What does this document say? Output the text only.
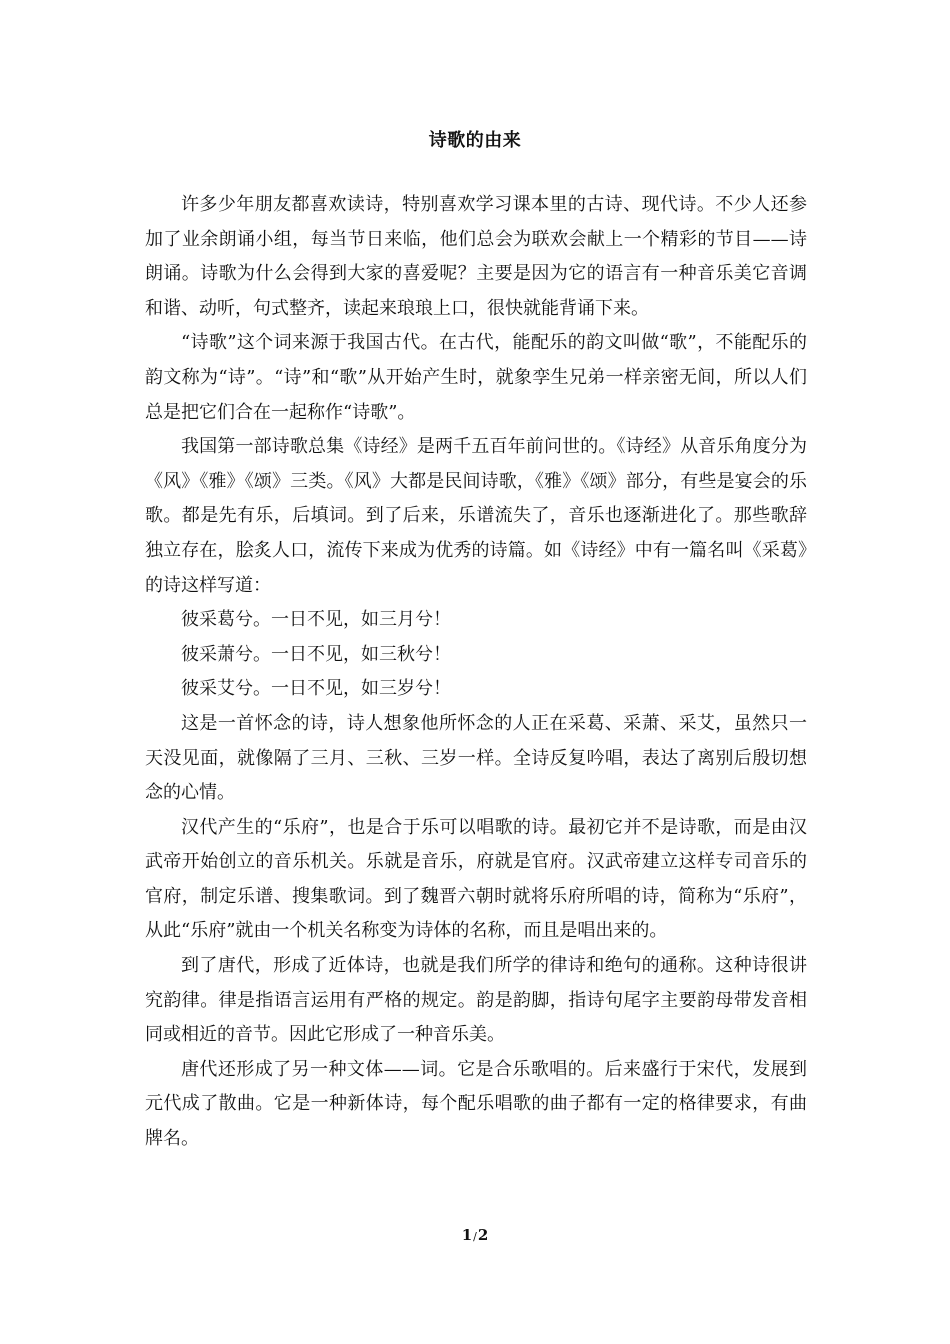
诗歌的由来

许多少年朋友都喜欢读诗，特别喜欢学习课本里的古诗、现代诗。不少人还参加了业余朗诵小组，每当节日来临，他们总会为联欢会献上一个精彩的节目——诗朗诵。诗歌为什么会得到大家的喜爱呢？主要是因为它的语言有一种音乐美它音调和谐、动听，句式整齐，读起来琅琅上口，很快就能背诵下来。

“诗歌”这个词来源于我国古代。在古代，能配乐的韵文叫做“歌”，不能配乐的韵文称为“诗”。“诗”和“歌”从开始产生时，就象孪生兄弟一样亲密无间，所以人们总是把它们合在一起称作“诗歌”。

我国第一部诗歌总集《诗经》是两千五百年前问世的。《诗经》从音乐角度分为《风》《雅》《颂》三类。《风》大都是民间诗歌，《雅》《颂》部分，有些是宴会的乐歌。都是先有乐，后填词。到了后来，乐谱流失了，音乐也逐渐进化了。那些歌辞独立存在，脍炙人口，流传下来成为优秀的诗篇。如《诗经》中有一篇名叫《采葛》的诗这样写道：

彼采葛兮。一日不见，如三月兮！

彼采萧兮。一日不见，如三秋兮！

彼采艾兮。一日不见，如三岁兮！

这是一首怀念的诗，诗人想象他所怀念的人正在采葛、采萧、采艾，虽然只一天没见面，就像隔了三月、三秋、三岁一样。全诗反复吟唱，表达了离别后殷切想念的心情。

汉代产生的“乐府”，也是合于乐可以唱歌的诗。最初它并不是诗歌，而是由汉武帝开始创立的音乐机关。乐就是音乐，府就是官府。汉武帝建立这样专司音乐的官府，制定乐谱、搜集歌词。到了魏晋六朝时就将乐府所唱的诗，简称为“乐府”，从此“乐府”就由一个机关名称变为诗体的名称，而且是唱出来的。

到了唐代，形成了近体诗，也就是我们所学的律诗和绝句的通称。这种诗很讲究韵律。律是指语言运用有严格的规定。韵是韵脚，指诗句尾字主要韵母带发音相同或相近的音节。因此它形成了一种音乐美。

唐代还形成了另一种文体——词。它是合乐歌唱的。后来盛行于宋代，发展到元代成了散曲。它是一种新体诗，每个配乐唱歌的曲子都有一定的格律要求，有曲牌名。

1/2
